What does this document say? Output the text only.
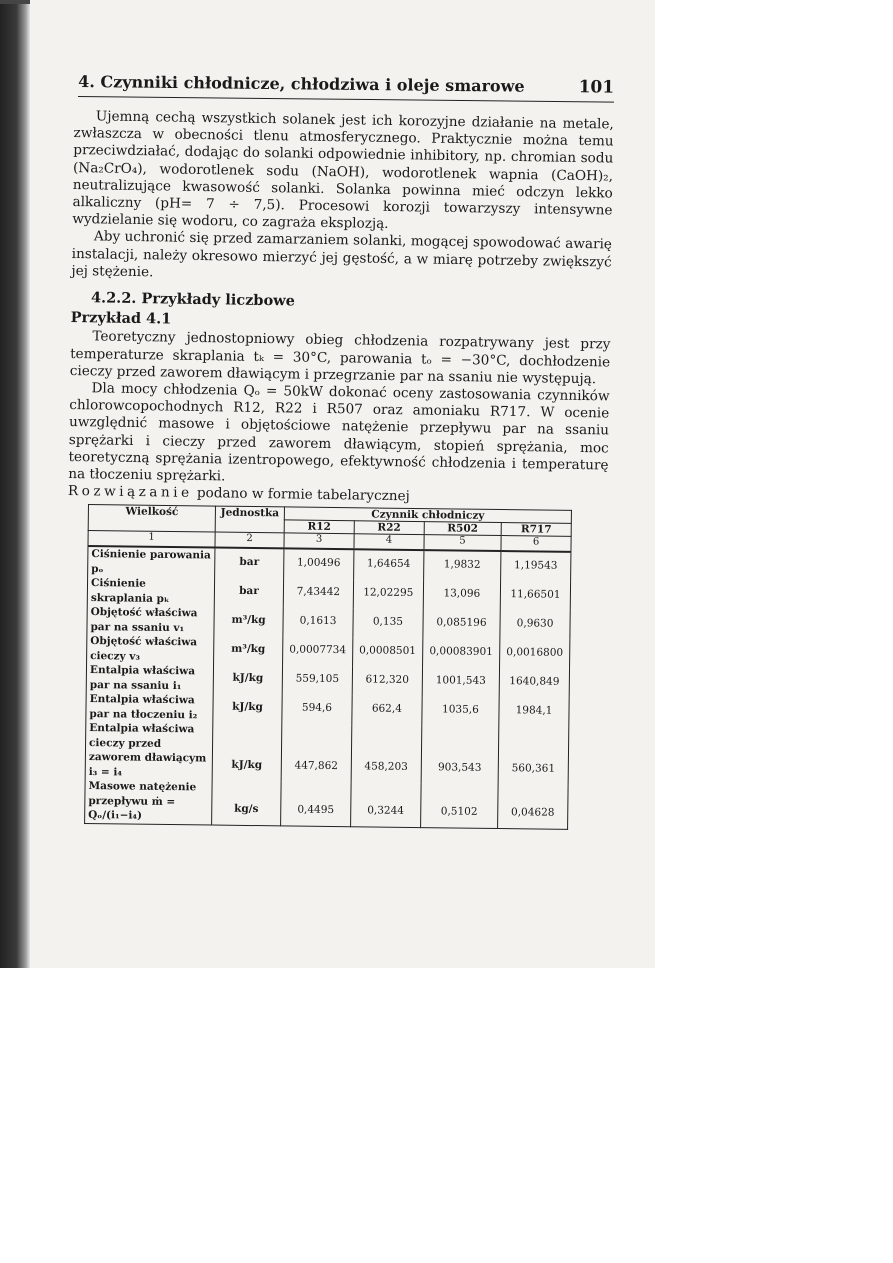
4. Czynniki chłodnicze, chłodziwa i oleje smarowe	101

Ujemną cechą wszystkich solanek jest ich korozyjne działanie na metale, zwłaszcza w obecności tlenu atmosferycznego. Praktycznie można temu przeciwdziałać, dodając do solanki odpowiednie inhibitory, np. chromian sodu (Na₂CrO₄), wodorotlenek sodu (NaOH), wodorotlenek wapnia (CaOH)₂, neutralizujące kwasowość solanki. Solanka powinna mieć odczyn lekko alkaliczny (pH= 7 ÷ 7,5). Procesowi korozji towarzyszy intensywne wydzielanie się wodoru, co zagraża eksplozją.

Aby uchronić się przed zamarzaniem solanki, mogącej spowodować awarię instalacji, należy okresowo mierzyć jej gęstość, a w miarę potrzeby zwiększyć jej stężenie.

4.2.2. Przykłady liczbowe
Przykład 4.1

Teoretyczny jednostopniowy obieg chłodzenia rozpatrywany jest przy temperaturze skraplania tₖ = 30°C, parowania tₒ = −30°C, dochłodzenie cieczy przed zaworem dławiącym i przegrzanie par na ssaniu nie występują.

Dla mocy chłodzenia Qₒ = 50kW dokonać oceny zastosowania czynników chlorowcopochodnych R12, R22 i R507 oraz amoniaku R717. W ocenie uwzględnić masowe i objętościowe natężenie przepływu par na ssaniu sprężarki i cieczy przed zaworem dławiącym, stopień sprężania, moc teoretyczną sprężania izentropowego, efektywność chłodzenia i temperaturę na tłoczeniu sprężarki.

Rozwiązanie podano w formie tabelarycznej

Wielkość	Jednostka	Czynnik chłodniczy			
		R12	R22	R502	R717
1	2	3	4	5	6
Ciśnienie parowania pₒ	bar	1,00496	1,64654	1,9832	1,19543
Ciśnienie skraplania pₖ	bar	7,43442	12,02295	13,096	11,66501
Objętość właściwa par na ssaniu v₁	m³/kg	0,1613	0,135	0,085196	0,9630
Objętość właściwa cieczy v₃	m³/kg	0,0007734	0,0008501	0,00083901	0,0016800
Entalpia właściwa par na ssaniu i₁	kJ/kg	559,105	612,320	1001,543	1640,849
Entalpia właściwa par na tłoczeniu i₂	kJ/kg	594,6	662,4	1035,6	1984,1
Entalpia właściwa cieczy przed zaworem dławiącym i₃ = i₄	kJ/kg	447,862	458,203	903,543	560,361
Masowe natężenie przepływu ṁ = Qₒ/(i₁−i₄)	kg/s	0,4495	0,3244	0,5102	0,04628
